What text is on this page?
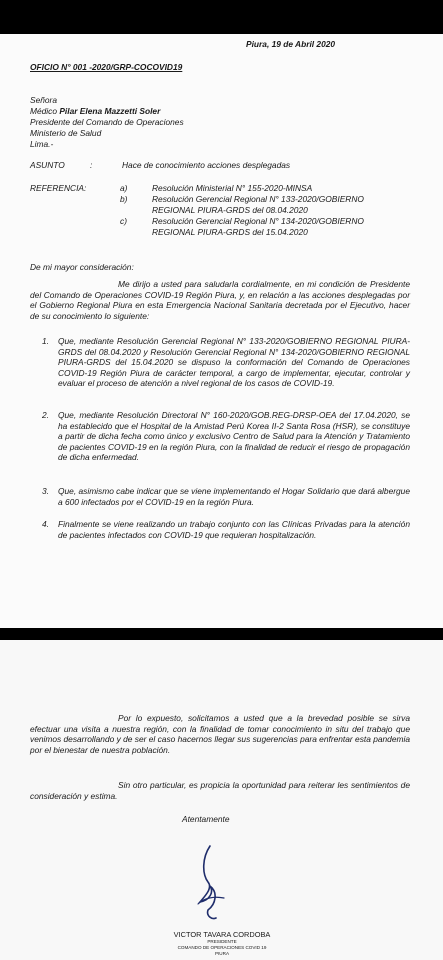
Piura, 19 de Abril 2020
OFICIO N° 001 -2020/GRP-COCOVID19
Señora
Médico Pilar Elena Mazzetti Soler
Presidente del Comando de Operaciones
Ministerio de Salud
Lima.-
ASUNTO	:	Hace de conocimiento acciones desplegadas
REFERENCIA:	a)	Resolución Ministerial N° 155-2020-MINSA
b)	Resolución Gerencial Regional N° 133-2020/GOBIERNO
REGIONAL PIURA-GRDS del 08.04.2020
c)	Resolución Gerencial Regional N° 134-2020/GOBIERNO
REGIONAL PIURA-GRDS del 15.04.2020
De mi mayor consideración:
Me dirijo a usted para saludarla cordialmente, en mi condición de Presidente del Comando de Operaciones COVID-19 Región Piura, y, en relación a las acciones desplegadas por el Gobierno Regional Piura en esta Emergencia Nacional Sanitaria decretada por el Ejecutivo, hacer de su conocimiento lo siguiente:
1. Que, mediante Resolución Gerencial Regional N° 133-2020/GOBIERNO REGIONAL PIURA-GRDS del 08.04.2020 y Resolución Gerencial Regional N° 134-2020/GOBIERNO REGIONAL PIURA-GRDS del 15.04.2020 se dispuso la conformación del Comando de Operaciones COVID-19 Región Piura de carácter temporal, a cargo de implementar, ejecutar, controlar y evaluar el proceso de atención a nivel regional de los casos de COVID-19.
2. Que, mediante Resolución Directoral N° 160-2020/GOB.REG-DRSP-OEA del 17.04.2020, se ha establecido que el Hospital de la Amistad Perú Korea II-2 Santa Rosa (HSR), se constituye a partir de dicha fecha como único y exclusivo Centro de Salud para la Atención y Tratamiento de pacientes COVID-19 en la región Piura, con la finalidad de reducir el riesgo de propagación de dicha enfermedad.
3. Que, asimismo cabe indicar que se viene implementando el Hogar Solidario que dará albergue a 600 infectados por el COVID-19 en la región Piura.
4. Finalmente se viene realizando un trabajo conjunto con las Clínicas Privadas para la atención de pacientes infectados con COVID-19 que requieran hospitalización.
Por lo expuesto, solicitamos a usted que a la brevedad posible se sirva efectuar una visita a nuestra región, con la finalidad de tomar conocimiento in situ del trabajo que venimos desarrollando y de ser el caso hacernos llegar sus sugerencias para enfrentar esta pandemia por el bienestar de nuestra población.
Sin otro particular, es propicia la oportunidad para reiterar les sentimientos de consideración y estima.
Atentamente
VICTOR TAVARA CORDOBA
PRESIDENTE
COMANDO DE OPERACIONES COVID 19
PIURA
